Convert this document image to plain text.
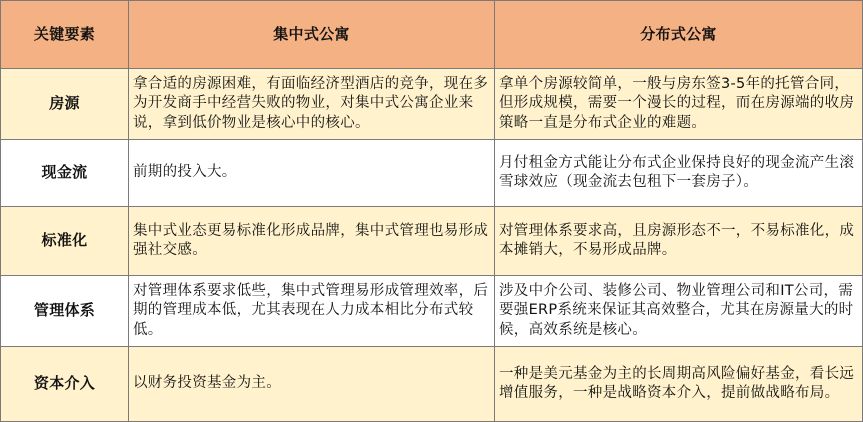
关键要素	集中式公寓	分布式公寓
房源	拿合适的房源困难，有面临经济型酒店的竞争，现在多为开发商手中经营失败的物业，对集中式公寓企业来说，拿到低价物业是核心中的核心。	拿单个房源较简单，一般与房东签3-5年的托管合同，但形成规模，需要一个漫长的过程，而在房源端的收房策略一直是分布式企业的难题。
现金流	前期的投入大。	月付租金方式能让分布式企业保持良好的现金流产生滚雪球效应（现金流去包租下一套房子）。
标准化	集中式业态更易标准化形成品牌，集中式管理也易形成强社交感。	对管理体系要求高，且房源形态不一，不易标准化，成本摊销大，不易形成品牌。
管理体系	对管理体系要求低些，集中式管理易形成管理效率，后期的管理成本低，尤其表现在人力成本相比分布式较低。	涉及中介公司、装修公司、物业管理公司和IT公司，需要强ERP系统来保证其高效整合，尤其在房源量大的时候，高效系统是核心。
资本介入	以财务投资基金为主。	一种是美元基金为主的长周期高风险偏好基金，看长远增值服务，一种是战略资本介入，提前做战略布局。
